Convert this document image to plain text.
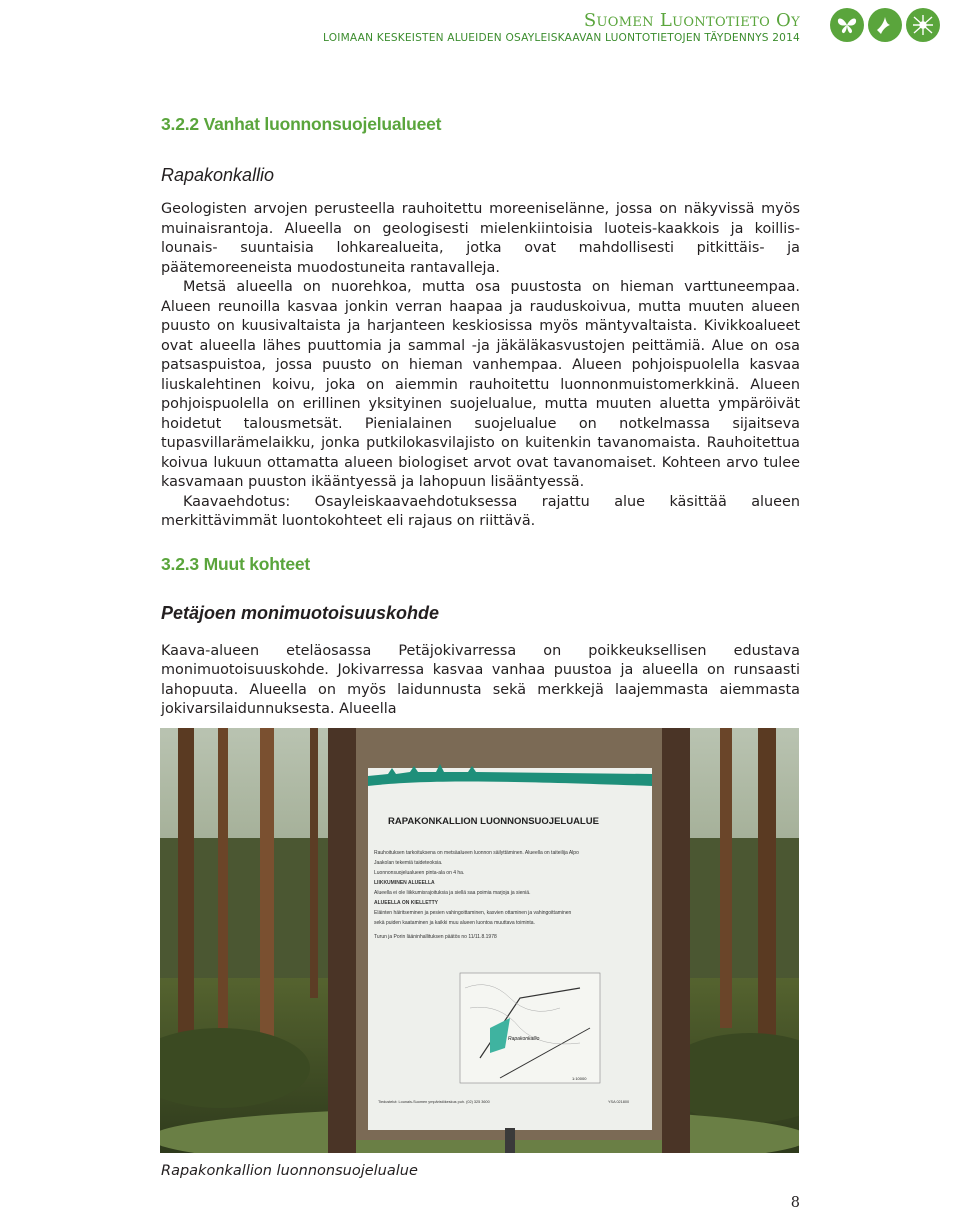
Suomen Luontotieto Oy
LOIMAAN KESKEISTEN ALUEIDEN OSAYLEISKAAVAN LUONTOTIETOJEN TÄYDENNYS 2014
3.2.2 Vanhat luonnonsuojelualueet
Rapakonkallio

Geologisten arvojen perusteella rauhoitettu moreeniselänne, jossa on näkyvissä myös muinaisrantoja. Alueella on geologisesti mielenkiintoisia luoteis-kaakkois ja koillis-lounais- suuntaisia lohkarealueita, jotka ovat mahdollisesti pitkittäis- ja päätemoreeneista muodostuneita rantavalleja.

Metsä alueella on nuorehkoa, mutta osa puustosta on hieman varttuneempaa. Alueen reunoilla kasvaa jonkin verran haapaa ja rauduskoivua, mutta muuten alueen puusto on kuusivaltaista ja harjanteen keskiosissa myös mäntyvaltaista. Kivikkoalueet ovat alueella lähes puuttomia ja sammal -ja jäkäläkasvustojen peittämiä. Alue on osa patsaspuistoa, jossa puusto on hieman vanhempaa. Alueen pohjoispuolella kasvaa liuskalehtinen koivu, joka on aiemmin rauhoitettu luonnonmuistomerkkinä. Alueen pohjoispuolella on erillinen yksityinen suojelualue, mutta muuten aluetta ympäröivät hoidetut talousmetsät. Pienialainen suojelualue on notkelmassa sijaitseva tupasvillarämelaikku, jonka putkilokasvilajisto on kuitenkin tavanomaista. Rauhoitettua koivua lukuun ottamatta alueen biologiset arvot ovat tavanomaiset. Kohteen arvo tulee kasvamaan puuston ikääntyessä ja lahopuun lisääntyessä.

Kaavaehdotus: Osayleiskaavaehdotuksessa rajattu alue käsittää alueen merkittävimmät luontokohteet eli rajaus on riittävä.

3.2.3 Muut kohteet
Petäjoen monimuotoisuuskohde

Kaava-alueen eteläosassa Petäjokivarressa on poikkeuksellisen edustava monimuotoisuuskohde. Jokivarressa kasvaa vanhaa puustoa ja alueella on runsaasti lahopuuta. Alueella on myös laidunnusta sekä merkkejä laajemmasta aiemmasta jokivarsilaidunnuksesta. Alueella

RAPAKONKALLION LUONNONSUOJELUALUE
Rauhoituksen tarkoituksena on metsäalueen luonnon säilyttäminen. Alueella on taiteilija Alpo
Jaakolan tekemiä taideteoksia.
Luonnonsuojelualueen pinta-ala on 4 ha.
LIIKKUMINEN ALUEELLA
Alueella ei ole liikkumisrajoituksia ja siellä saa poimia marjoja ja sieniä.
ALUEELLA ON KIELLETTY
Eläinten häiritseminen ja pesien vahingoittaminen, kasvien ottaminen ja vahingoittaminen
sekä puiden kaataminen ja kaikki muu alueen luontoa muuttava toiminta.
Turun ja Porin lääninhallituksen päätös no 11/11.8.1978
Rapakonkallio
1:10000
Tiedustelut: Lounais-Suomen ympäristökeskus puh. (02) 325 3600	YSA 021800
Rapakonkallion luonnonsuojelualue
8
